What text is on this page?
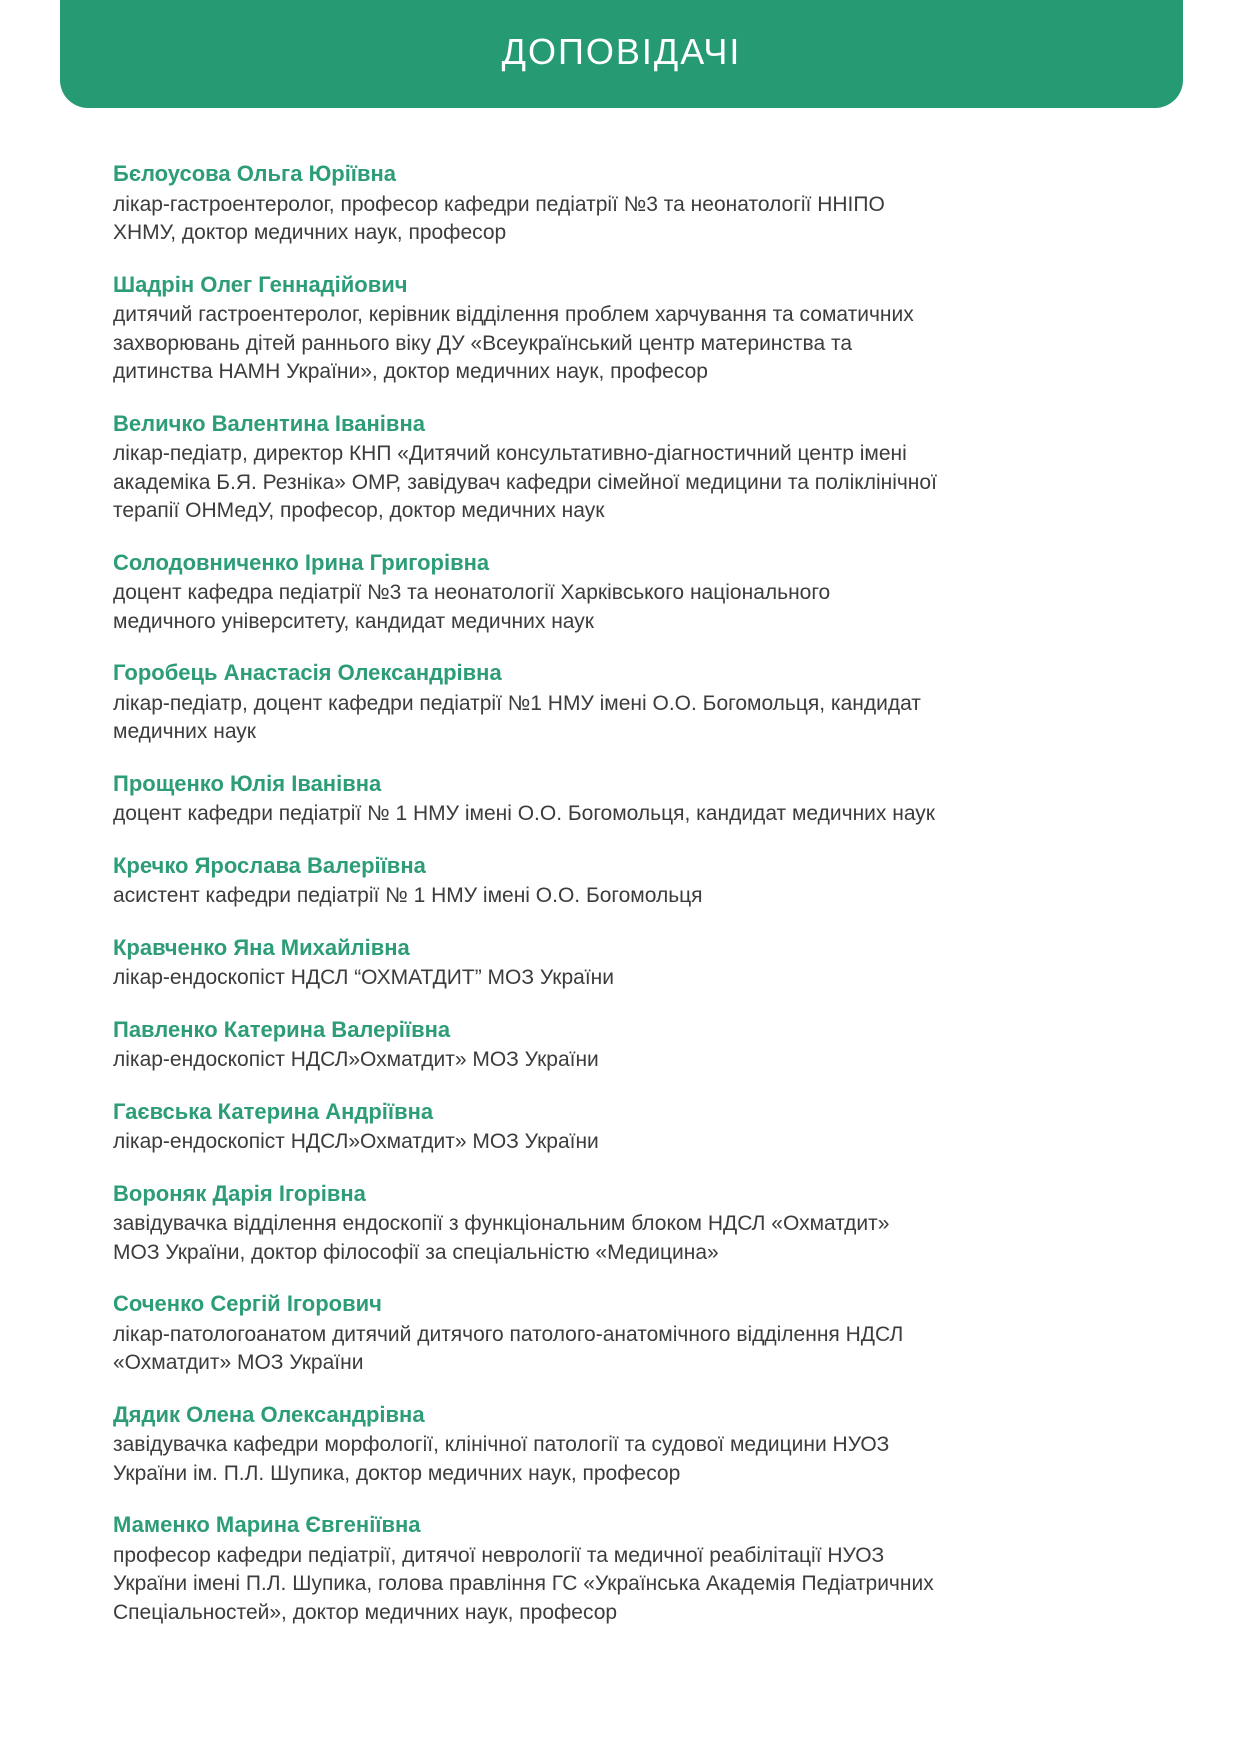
ДОПОВІДАЧІ
Бєлоусова Ольга Юріївна
лікар-гастроентеролог, професор кафедри педіатрії №3 та неонатології ННІПО
ХНМУ, доктор медичних наук, професор
Шадрін Олег Геннадійович
дитячий гастроентеролог, керівник відділення проблем харчування та соматичних
захворювань дітей раннього віку ДУ «Всеукраїнський центр материнства та
дитинства НАМН України», доктор медичних наук, професор
Величко Валентина Іванівна
лікар-педіатр, директор КНП «Дитячий консультативно-діагностичний центр імені
академіка Б.Я. Резніка» ОМР, завідувач кафедри сімейної медицини та поліклінічної
терапії ОНМедУ, професор, доктор медичних наук
Солодовниченко Ірина Григорівна
доцент кафедра педіатрії №3 та неонатології Харківського національного
медичного університету, кандидат медичних наук
Горобець Анастасія Олександрівна
лікар-педіатр, доцент кафедри педіатрії №1 НМУ імені О.О. Богомольця, кандидат
медичних наук
Прощенко Юлія Іванівна
доцент кафедри педіатрії № 1 НМУ імені О.О. Богомольця, кандидат медичних наук
Кречко Ярослава Валеріївна
асистент кафедри педіатрії № 1 НМУ імені О.О. Богомольця
Кравченко Яна Михайлівна
лікар-ендоскопіст НДСЛ “ОХМАТДИТ” МОЗ України
Павленко Катерина Валеріївна
лікар-ендоскопіст НДСЛ»Охматдит» МОЗ України
Гаєвська Катерина Андріївна
лікар-ендоскопіст НДСЛ»Охматдит» МОЗ України
Вороняк Дарія Ігорівна
завідувачка відділення ендоскопії з функціональним блоком НДСЛ «Охматдит»
МОЗ України, доктор філософії за спеціальністю «Медицина»
Соченко Сергій Ігорович
лікар-патологоанатом дитячий дитячого патолого-анатомічного відділення НДСЛ
«Охматдит» МОЗ України
Дядик Олена Олександрівна
завідувачка кафедри морфології, клінічної патології та судової медицини НУОЗ
України ім. П.Л. Шупика, доктор медичних наук, професор
Маменко Марина Євгеніївна
професор кафедри педіатрії, дитячої неврології та медичної реабілітації НУОЗ
України імені П.Л. Шупика, голова правління ГС «Українська Академія Педіатричних
Спеціальностей», доктор медичних наук, професор
